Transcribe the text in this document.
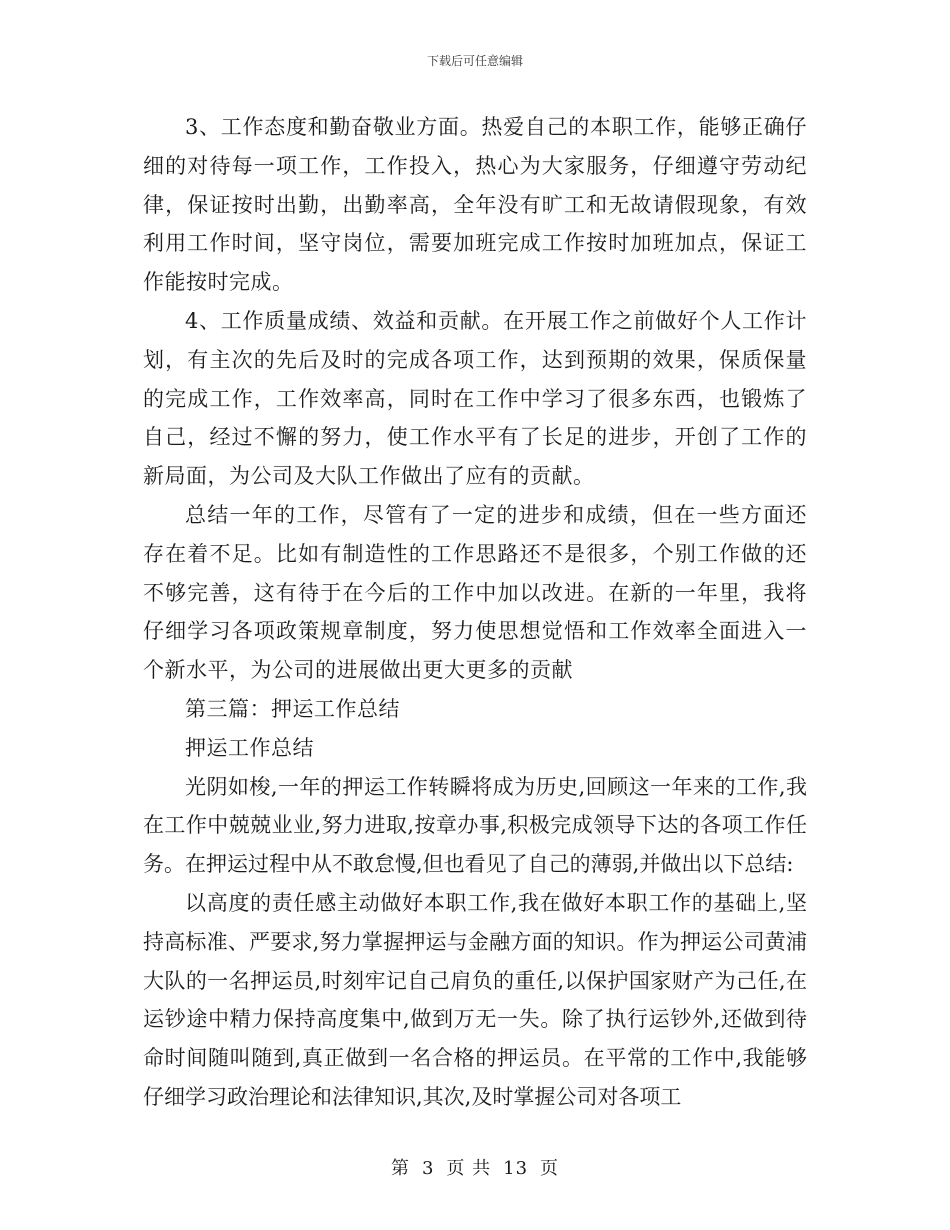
下载后可任意编辑

3、工作态度和勤奋敬业方面。热爱自己的本职工作，能够正确仔细的对待每一项工作，工作投入，热心为大家服务，仔细遵守劳动纪律，保证按时出勤，出勤率高，全年没有旷工和无故请假现象，有效利用工作时间，坚守岗位，需要加班完成工作按时加班加点，保证工作能按时完成。

4、工作质量成绩、效益和贡献。在开展工作之前做好个人工作计划，有主次的先后及时的完成各项工作，达到预期的效果，保质保量的完成工作，工作效率高，同时在工作中学习了很多东西，也锻炼了自己，经过不懈的努力，使工作水平有了长足的进步，开创了工作的新局面，为公司及大队工作做出了应有的贡献。

总结一年的工作，尽管有了一定的进步和成绩，但在一些方面还存在着不足。比如有制造性的工作思路还不是很多，个别工作做的还不够完善，这有待于在今后的工作中加以改进。在新的一年里，我将仔细学习各项政策规章制度，努力使思想觉悟和工作效率全面进入一个新水平，为公司的进展做出更大更多的贡献

第三篇：押运工作总结

押运工作总结

光阴如梭,一年的押运工作转瞬将成为历史,回顾这一年来的工作,我在工作中兢兢业业,努力进取,按章办事,积极完成领导下达的各项工作任务。在押运过程中从不敢怠慢,但也看见了自己的薄弱,并做出以下总结:

以高度的责任感主动做好本职工作,我在做好本职工作的基础上,坚持高标准、严要求,努力掌握押运与金融方面的知识。作为押运公司黄浦大队的一名押运员,时刻牢记自己肩负的重任,以保护国家财产为己任,在运钞途中精力保持高度集中,做到万无一失。除了执行运钞外,还做到待命时间随叫随到,真正做到一名合格的押运员。在平常的工作中,我能够仔细学习政治理论和法律知识,其次,及时掌握公司对各项工

第 3 页 共 13 页
